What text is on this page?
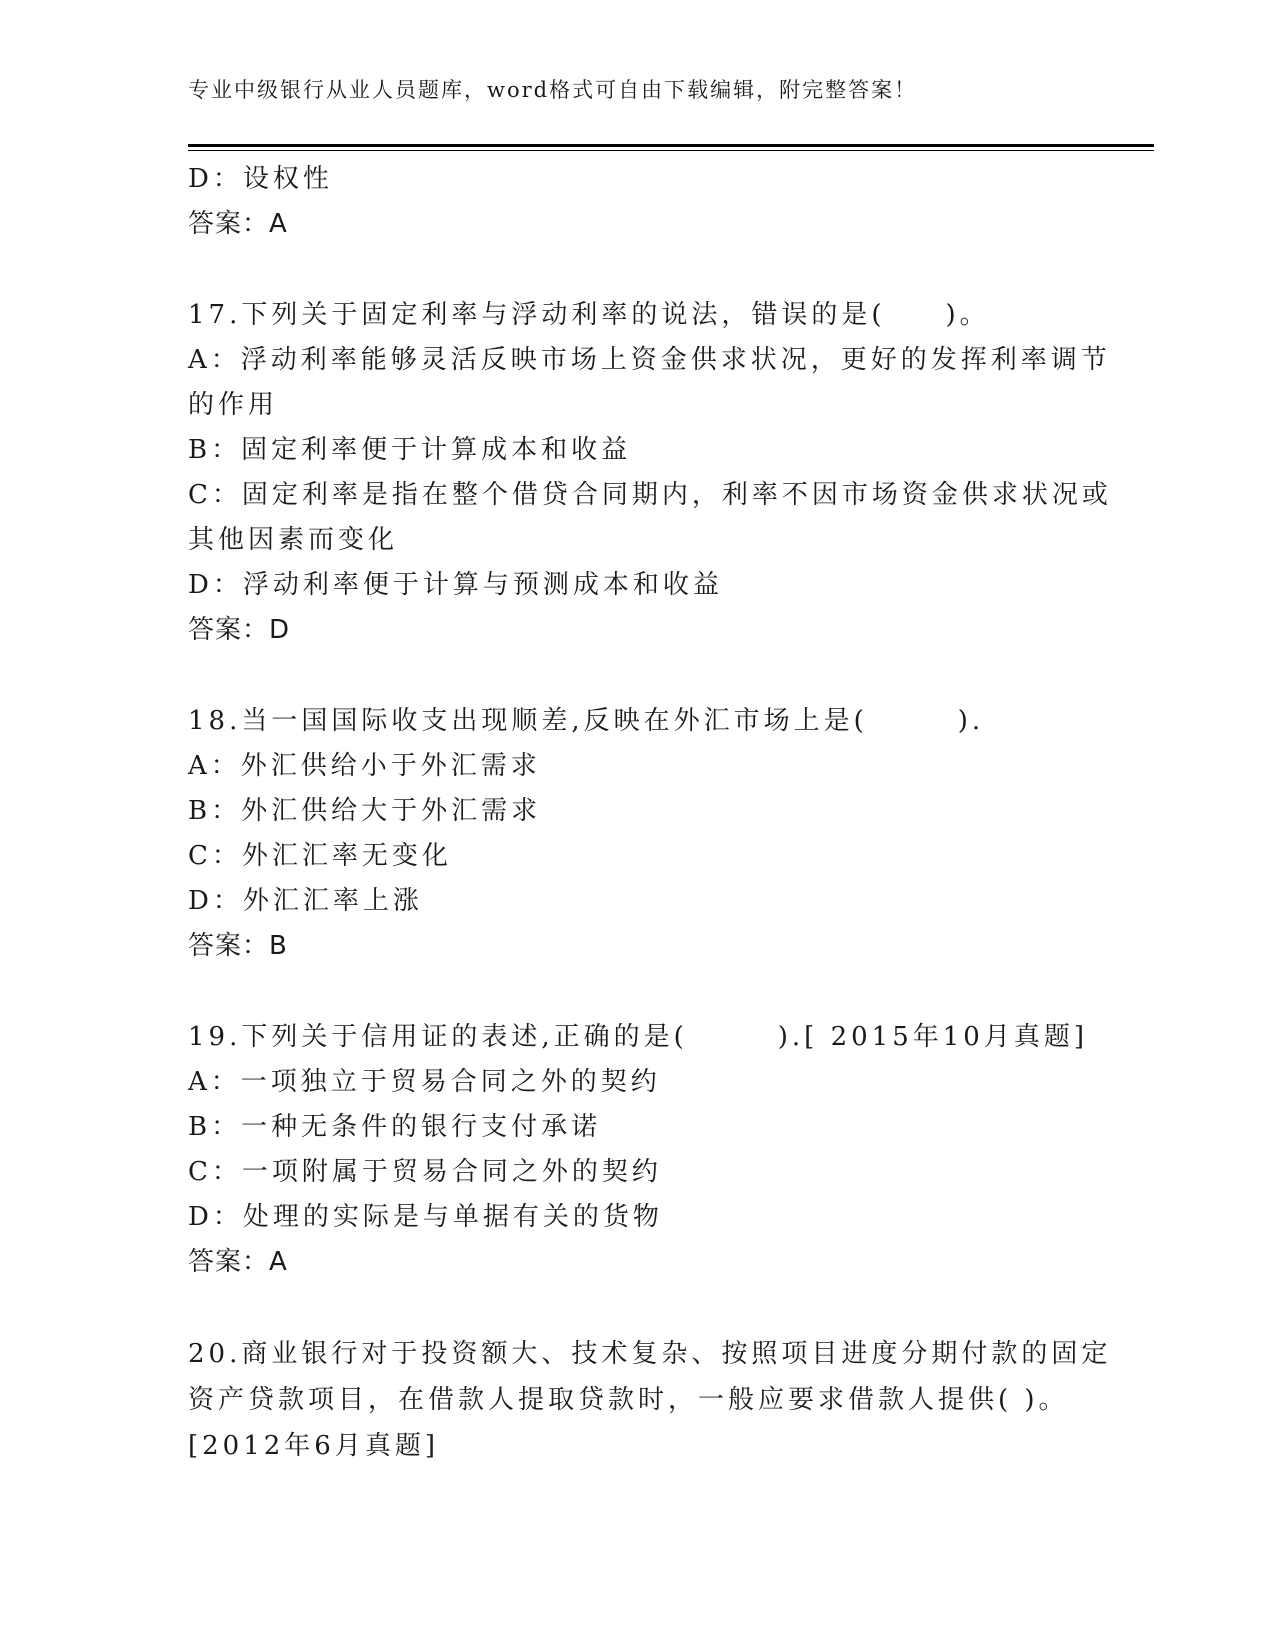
专业中级银行从业人员题库，word格式可自由下载编辑，附完整答案！
D：设权性
答案：A
17.下列关于固定利率与浮动利率的说法，错误的是(　　)。
A：浮动利率能够灵活反映市场上资金供求状况，更好的发挥利率调节
的作用
B：固定利率便于计算成本和收益
C：固定利率是指在整个借贷合同期内，利率不因市场资金供求状况或
其他因素而变化
D：浮动利率便于计算与预测成本和收益
答案：D
18.当一国国际收支出现顺差,反映在外汇市场上是(　　　).
A：外汇供给小于外汇需求
B：外汇供给大于外汇需求
C：外汇汇率无变化
D：外汇汇率上涨
答案：B
19.下列关于信用证的表述,正确的是(　　　).[ 2015年10月真题]
A：一项独立于贸易合同之外的契约
B：一种无条件的银行支付承诺
C：一项附属于贸易合同之外的契约
D：处理的实际是与单据有关的货物
答案：A
20.商业银行对于投资额大、技术复杂、按照项目进度分期付款的固定
资产贷款项目，在借款人提取贷款时，一般应要求借款人提供( )。
[2012年6月真题]
